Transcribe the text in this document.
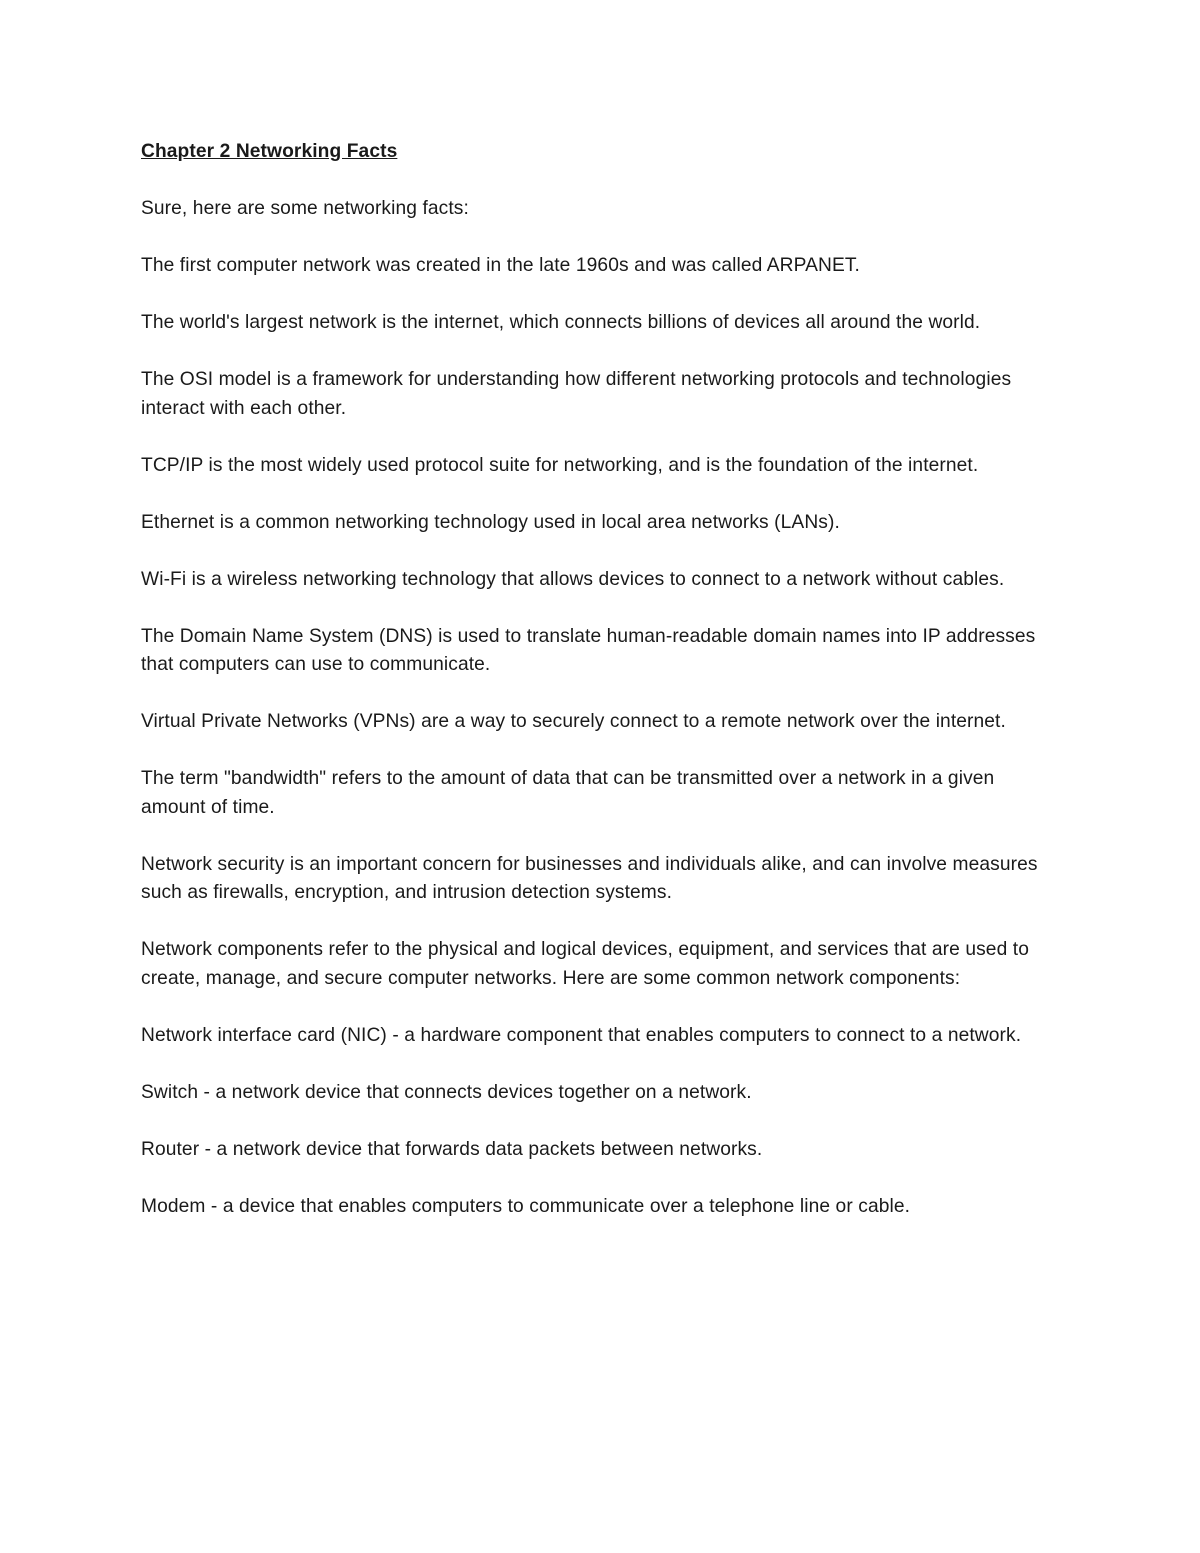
Chapter 2 Networking Facts
Sure, here are some networking facts:
The first computer network was created in the late 1960s and was called ARPANET.
The world's largest network is the internet, which connects billions of devices all around the world.
The OSI model is a framework for understanding how different networking protocols and technologies interact with each other.
TCP/IP is the most widely used protocol suite for networking, and is the foundation of the internet.
Ethernet is a common networking technology used in local area networks (LANs).
Wi-Fi is a wireless networking technology that allows devices to connect to a network without cables.
The Domain Name System (DNS) is used to translate human-readable domain names into IP addresses that computers can use to communicate.
Virtual Private Networks (VPNs) are a way to securely connect to a remote network over the internet.
The term "bandwidth" refers to the amount of data that can be transmitted over a network in a given amount of time.
Network security is an important concern for businesses and individuals alike, and can involve measures such as firewalls, encryption, and intrusion detection systems.
Network components refer to the physical and logical devices, equipment, and services that are used to create, manage, and secure computer networks. Here are some common network components:
Network interface card (NIC) - a hardware component that enables computers to connect to a network.
Switch - a network device that connects devices together on a network.
Router - a network device that forwards data packets between networks.
Modem - a device that enables computers to communicate over a telephone line or cable.
